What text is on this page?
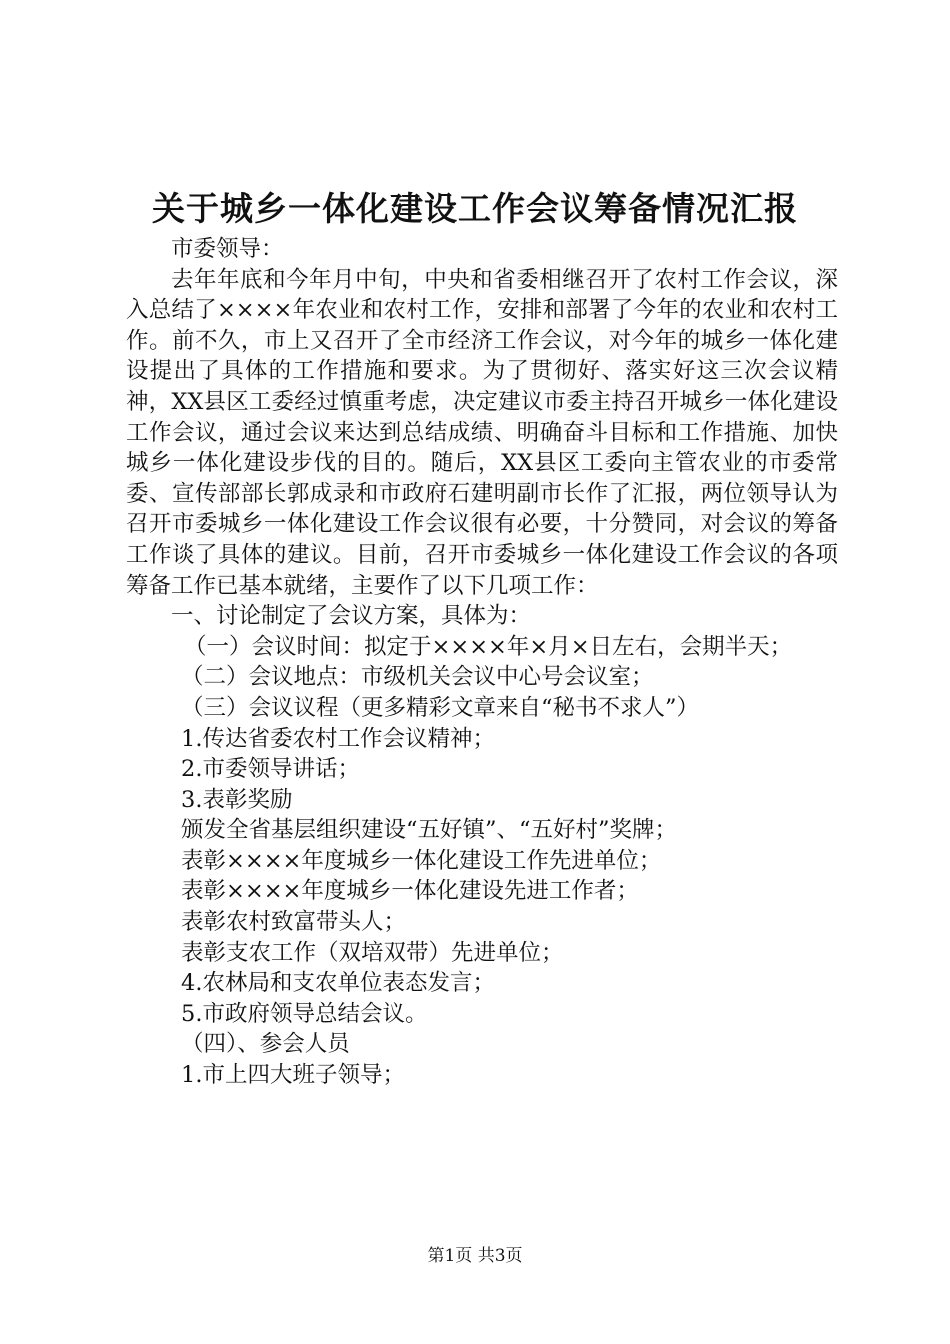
关于城乡一体化建设工作会议筹备情况汇报

市委领导：

去年年底和今年月中旬，中央和省委相继召开了农村工作会议，深入总结了××××年农业和农村工作，安排和部署了今年的农业和农村工作。前不久，市上又召开了全市经济工作会议，对今年的城乡一体化建设提出了具体的工作措施和要求。为了贯彻好、落实好这三次会议精神，XX县区工委经过慎重考虑，决定建议市委主持召开城乡一体化建设工作会议，通过会议来达到总结成绩、明确奋斗目标和工作措施、加快城乡一体化建设步伐的目的。随后，XX县区工委向主管农业的市委常委、宣传部部长郭成录和市政府石建明副市长作了汇报，两位领导认为召开市委城乡一体化建设工作会议很有必要，十分赞同，对会议的筹备工作谈了具体的建议。目前，召开市委城乡一体化建设工作会议的各项筹备工作已基本就绪，主要作了以下几项工作：

一、讨论制定了会议方案，具体为：

（一）会议时间：拟定于××××年×月×日左右，会期半天；

（二）会议地点：市级机关会议中心号会议室；

（三）会议议程（更多精彩文章来自“秘书不求人”）

1.传达省委农村工作会议精神；

2.市委领导讲话；

3.表彰奖励

颁发全省基层组织建设“五好镇”、“五好村”奖牌；

表彰××××年度城乡一体化建设工作先进单位；

表彰××××年度城乡一体化建设先进工作者；

表彰农村致富带头人；

表彰支农工作（双培双带）先进单位；

4.农林局和支农单位表态发言；

5.市政府领导总结会议。

（四）、参会人员

1.市上四大班子领导；

第1页 共3页
